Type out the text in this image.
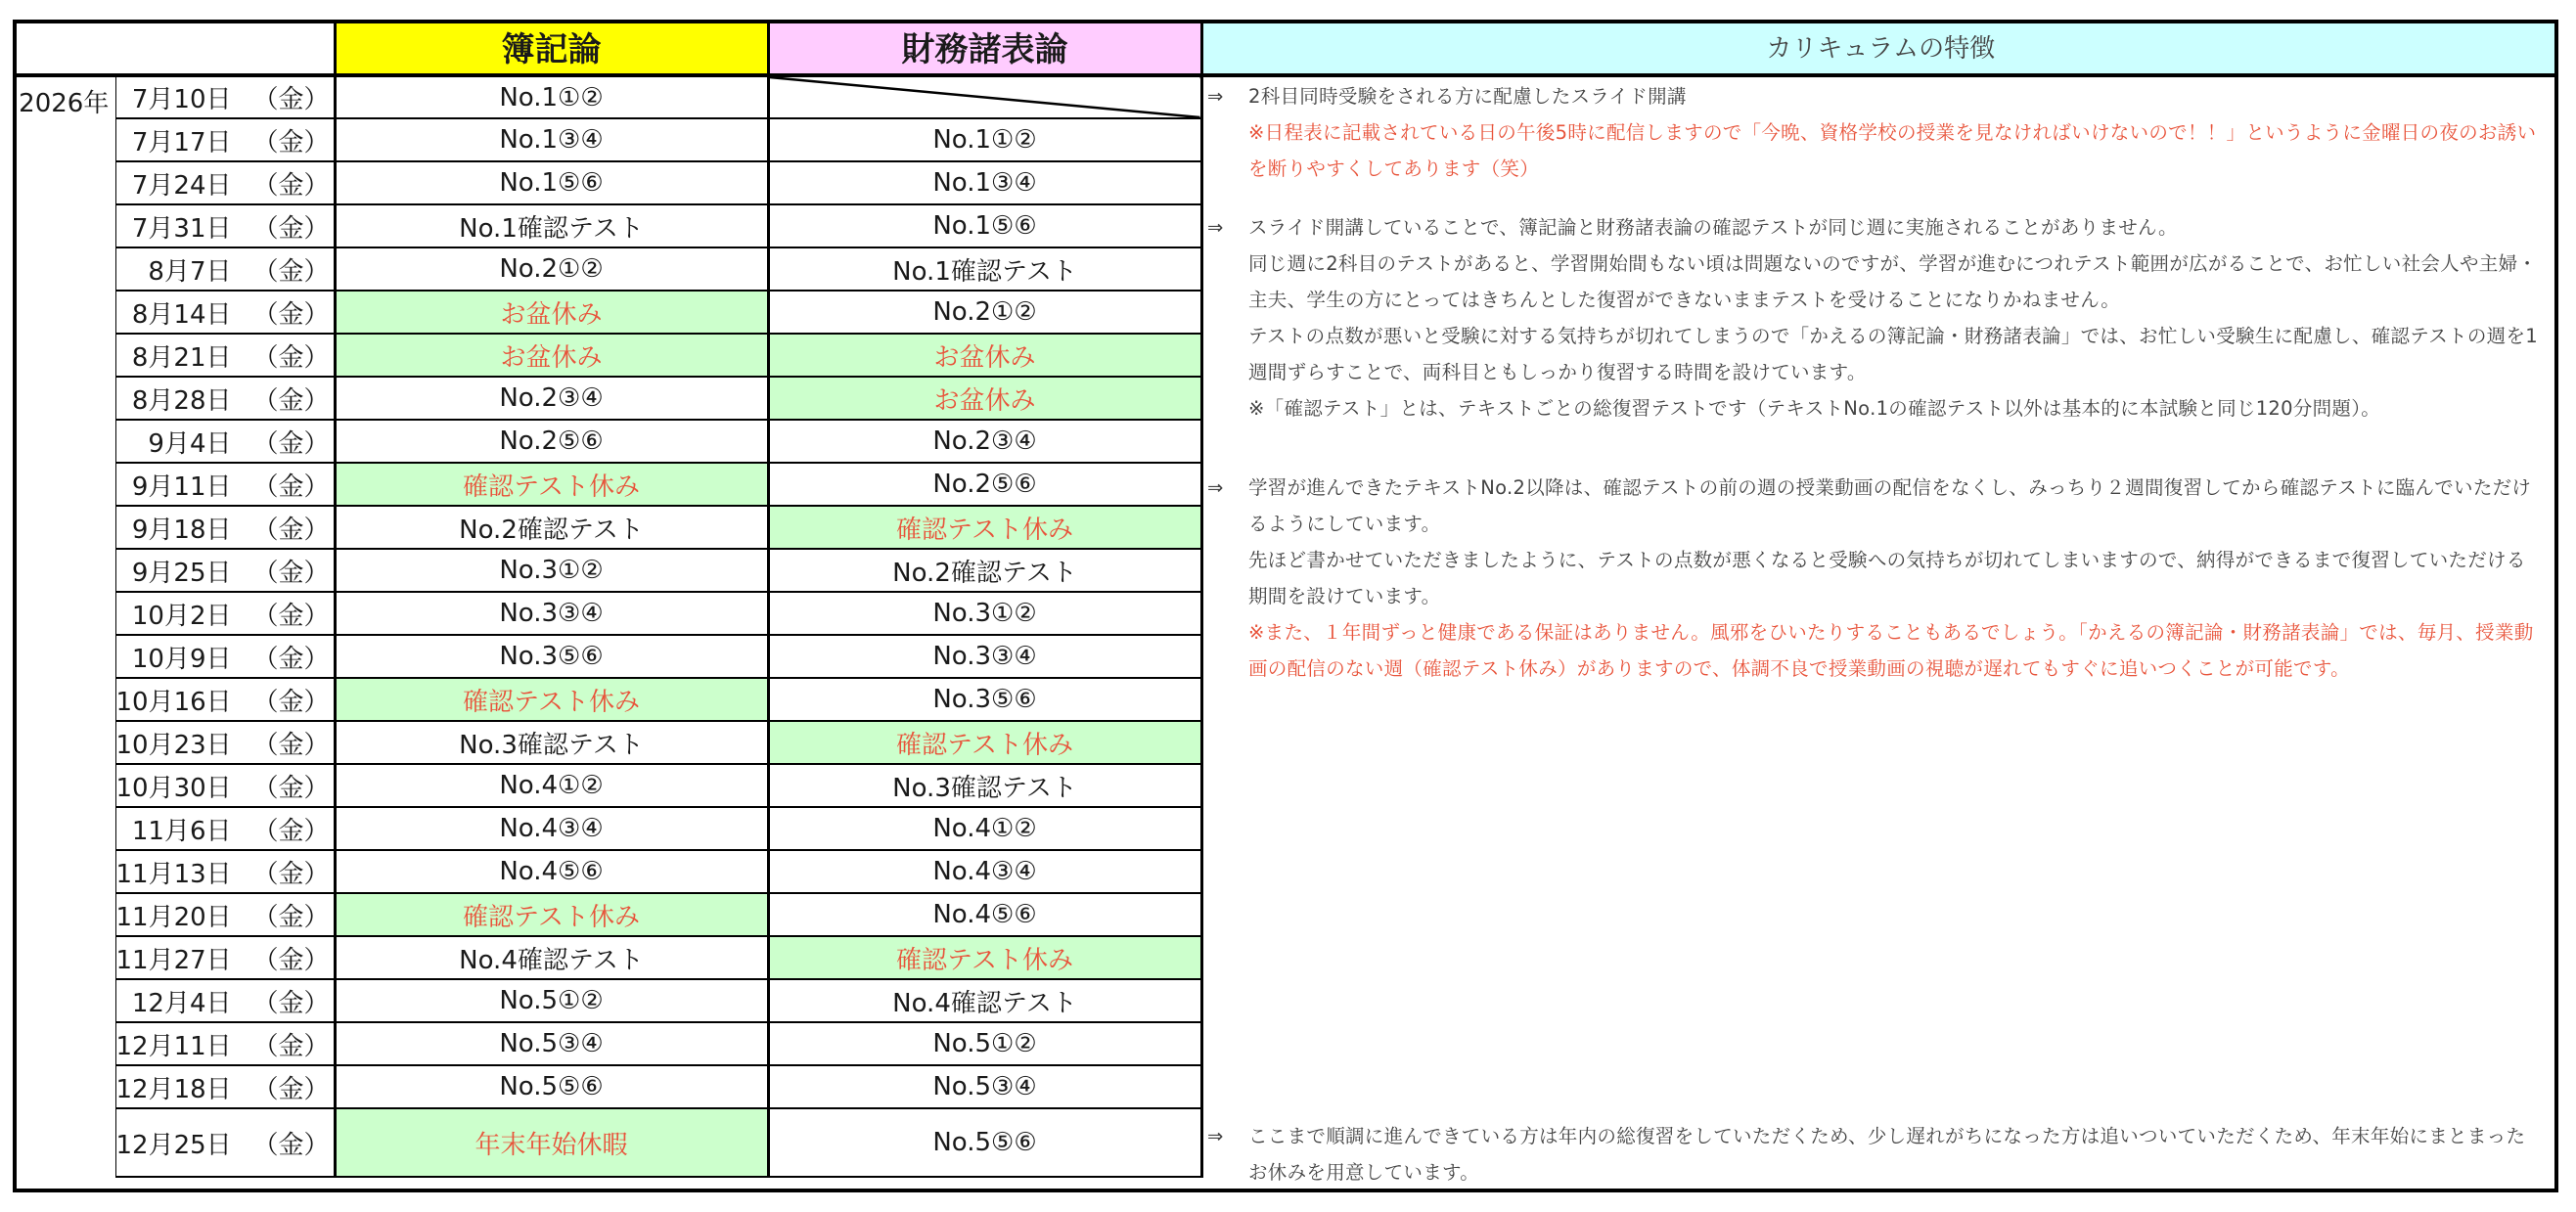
		簿記論	財務諸表論	カリキュラムの特徴
2026年	7月10日 （金）	No.1①②		
	7月17日 （金）	No.1③④	No.1①②	
	7月24日 （金）	No.1⑤⑥	No.1③④	
	7月31日 （金）	No.1確認テスト	No.1⑤⑥	
	8月7日 （金）	No.2①②	No.1確認テスト	
	8月14日 （金）	お盆休み	No.2①②	
	8月21日 （金）	お盆休み	お盆休み	
	8月28日 （金）	No.2③④	お盆休み	
	9月4日 （金）	No.2⑤⑥	No.2③④	
	9月11日 （金）	確認テスト休み	No.2⑤⑥	
	9月18日 （金）	No.2確認テスト	確認テスト休み	
	9月25日 （金）	No.3①②	No.2確認テスト	
	10月2日 （金）	No.3③④	No.3①②	
	10月9日 （金）	No.3⑤⑥	No.3③④	
	10月16日 （金）	確認テスト休み	No.3⑤⑥	
	10月23日 （金）	No.3確認テスト	確認テスト休み	
	10月30日 （金）	No.4①②	No.3確認テスト	
	11月6日 （金）	No.4③④	No.4①②	
	11月13日 （金）	No.4⑤⑥	No.4③④	
	11月20日 （金）	確認テスト休み	No.4⑤⑥	
	11月27日 （金）	No.4確認テスト	確認テスト休み	
	12月4日 （金）	No.5①②	No.4確認テスト	
	12月11日 （金）	No.5③④	No.5①②	
	12月18日 （金）	No.5⑤⑥	No.5③④	
	12月25日 （金）	年末年始休暇	No.5⑤⑥	
⇒ 2科目同時受験をされる方に配慮したスライド開講
※日程表に記載されている日の午後5時に配信しますので「今晩、資格学校の授業を見なければいけないので！！」というように金曜日の夜のお誘いを断りやすくしてあります（笑）
⇒ スライド開講していることで、簿記論と財務諸表論の確認テストが同じ週に実施されることがありません。
同じ週に2科目のテストがあると、学習開始間もない頃は問題ないのですが、学習が進むにつれテスト範囲が広がることで、お忙しい社会人や主婦・主夫、学生の方にとってはきちんとした復習ができないままテストを受けることになりかねません。
テストの点数が悪いと受験に対する気持ちが切れてしまうので「かえるの簿記論・財務諸表論」では、お忙しい受験生に配慮し、確認テストの週を1週間ずらすことで、両科目ともしっかり復習する時間を設けています。
※「確認テスト」とは、テキストごとの総復習テストです（テキストNo.1の確認テスト以外は基本的に本試験と同じ120分問題）。
⇒ 学習が進んできたテキストNo.2以降は、確認テストの前の週の授業動画の配信をなくし、みっちり２週間復習してから確認テストに臨んでいただけるようにしています。
先ほど書かせていただきましたように、テストの点数が悪くなると受験への気持ちが切れてしまいますので、納得ができるまで復習していただける期間を設けています。
※また、１年間ずっと健康である保証はありません。風邪をひいたりすることもあるでしょう。「かえるの簿記論・財務諸表論」では、毎月、授業動画の配信のない週（確認テスト休み）がありますので、体調不良で授業動画の視聴が遅れてもすぐに追いつくことが可能です。
⇒ ここまで順調に進んできている方は年内の総復習をしていただくため、少し遅れがちになった方は追いついていただくため、年末年始にまとまったお休みを用意しています。
